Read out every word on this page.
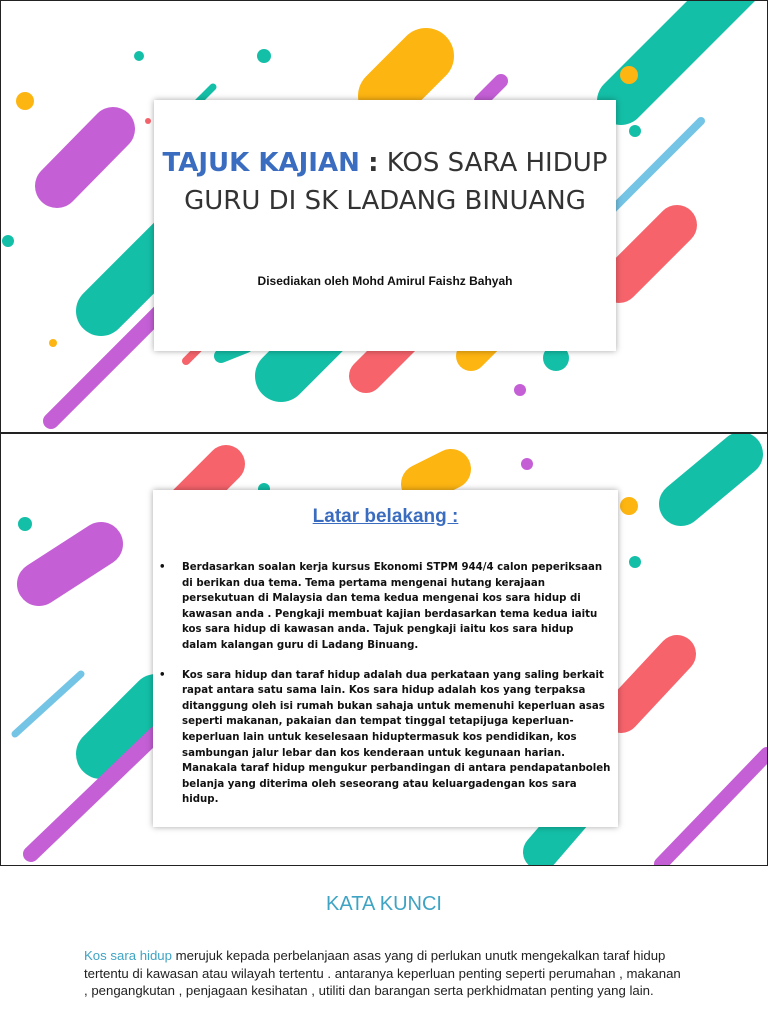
TAJUK KAJIAN : KOS SARA HIDUP GURU DI SK LADANG BINUANG
Disediakan oleh Mohd Amirul Faishz Bahyah
Latar belakang :
• Berdasarkan soalan kerja kursus Ekonomi STPM 944/4 calon peperiksaan di berikan dua tema. Tema pertama mengenai hutang kerajaan persekutuan di Malaysia dan tema kedua mengenai kos sara hidup di kawasan anda . Pengkaji membuat kajian berdasarkan tema kedua iaitu kos sara hidup di kawasan anda. Tajuk pengkaji iaitu kos sara hidup dalam kalangan guru di Ladang Binuang.
• Kos sara hidup dan taraf hidup adalah dua perkataan yang saling berkait rapat antara satu sama lain. Kos sara hidup adalah kos yang terpaksa ditanggung oleh isi rumah bukan sahaja untuk memenuhi keperluan asas seperti makanan, pakaian dan tempat tinggal tetapijuga keperluan-keperluan lain untuk keselesaan hiduptermasuk kos pendidikan, kos sambungan jalur lebar dan kos kenderaan untuk kegunaan harian. Manakala taraf hidup mengukur perbandingan di antara pendapatanboleh belanja yang diterima oleh seseorang atau keluargadengan kos sara hidup.
KATA KUNCI
Kos sara hidup merujuk kepada perbelanjaan asas yang di perlukan unutk mengekalkan taraf hidup tertentu di kawasan atau wilayah tertentu . antaranya keperluan penting seperti perumahan , makanan , pengangkutan , penjagaan kesihatan , utiliti dan barangan serta perkhidmatan penting yang lain.
